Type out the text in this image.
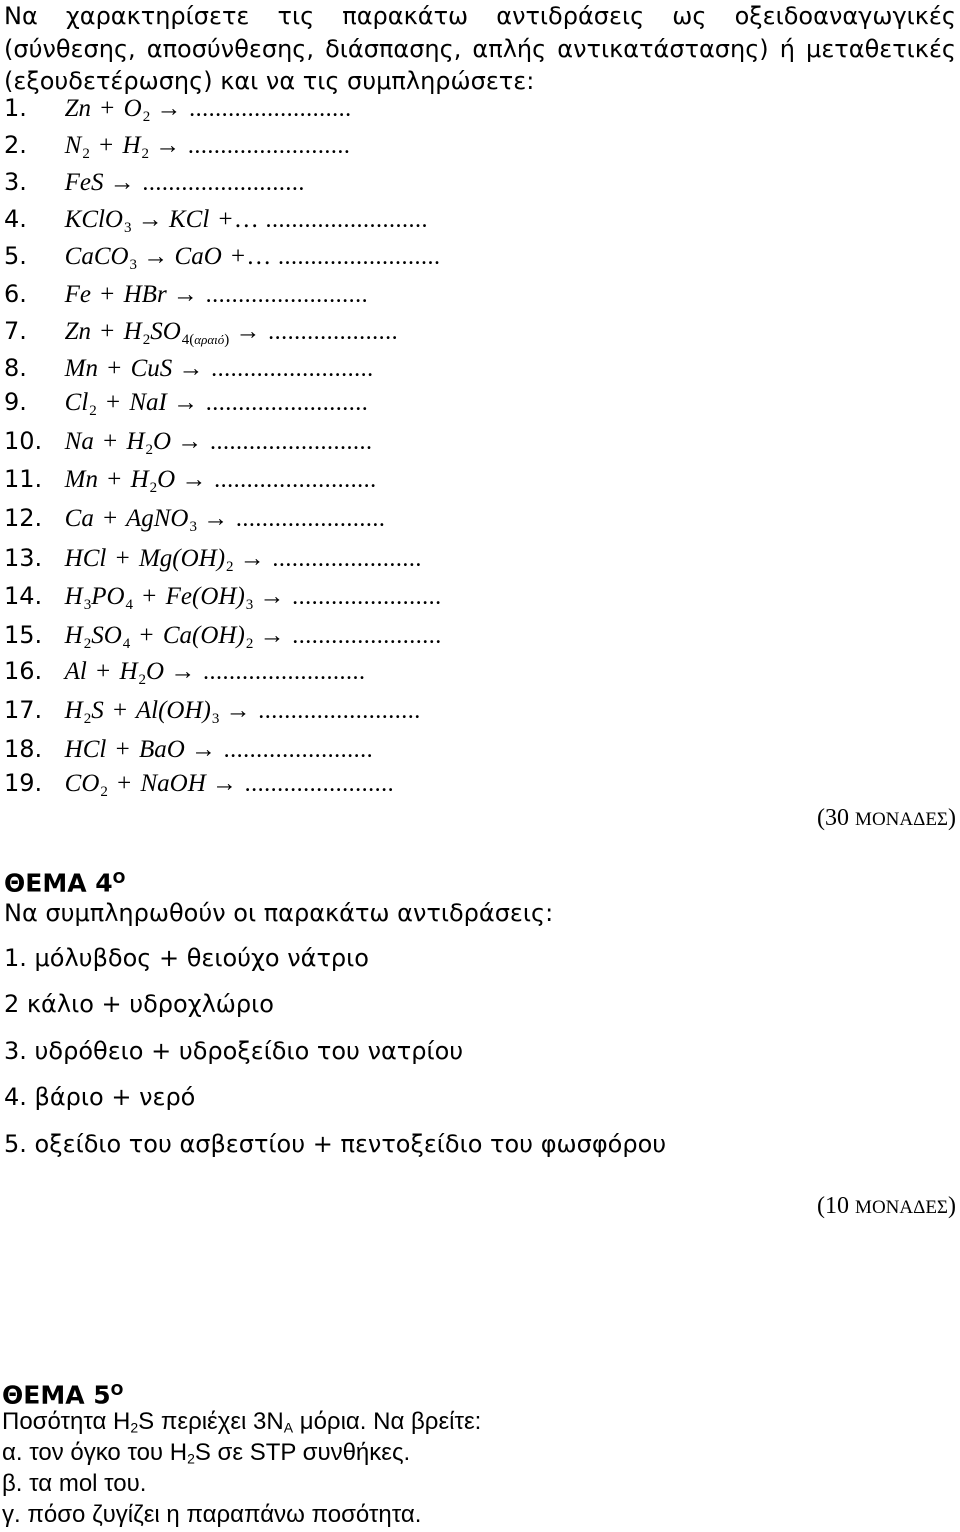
Να χαρακτηρίσετε τις παρακάτω αντιδράσεις ως οξειδοαναγωγικές (σύνθεσης, αποσύνθεσης, διάσπασης, απλής αντικατάστασης) ή μεταθετικές (εξουδετέρωσης) και να τις συμπληρώσετε:
1. $Zn + O_2$ → .........................
2. $N_2 + H_2$ → .........................
3. FeS → .........................
4. KClO$_3$ → KCl + … .........................
5. CaCO$_3$ → CaO + … .........................
6. Fe + HBr → .........................
7. $Zn + H_2SO_{4(\alpha\rho\alpha\iota ό)}$ → ....................
8. Mn + CuS → .........................
9. $Cl_2$ + NaI → .........................
10. $Na + H_2O$ → .........................
11. $Mn + H_2O$ → .........................
12. Ca + AgNO$_3$ → .......................
13. HCl + $Mg(OH)_2$ → .......................
14. $H_3PO_4 + Fe(OH)_3$ → .......................
15. $H_2SO_4 + Ca(OH)_2$ → .......................
16. $Al + H_2O$ → .........................
17. $H_2S + Al(OH)_3$ → .........................
18. HCl + BaO → .......................
19. $CO_2$ + NaOH → .......................
(30 ΜΟΝΑΔΕΣ)
ΘΕΜΑ $4^O$
Να συμπληρωθούν οι παρακάτω αντιδράσεις:
1. μόλυβδος + θειούχο νάτριο
2 κάλιο + υδροχλώριο
3. υδρόθειο + υδροξείδιο του νατρίου
4. βάριο + νερό
5. οξείδιο του ασβεστίου + πεντοξείδιο του φωσφόρου
(10 ΜΟΝΑΔΕΣ)
ΘΕΜΑ $5^O$
Ποσότητα $H_2S$ περιέχει $3N_A$ μόρια. Να βρείτε:
α. τον όγκο του $H_2S$ σε STP συνθήκες.
β. τα mol του.
γ. πόσο ζυγίζει η παραπάνω ποσότητα.
